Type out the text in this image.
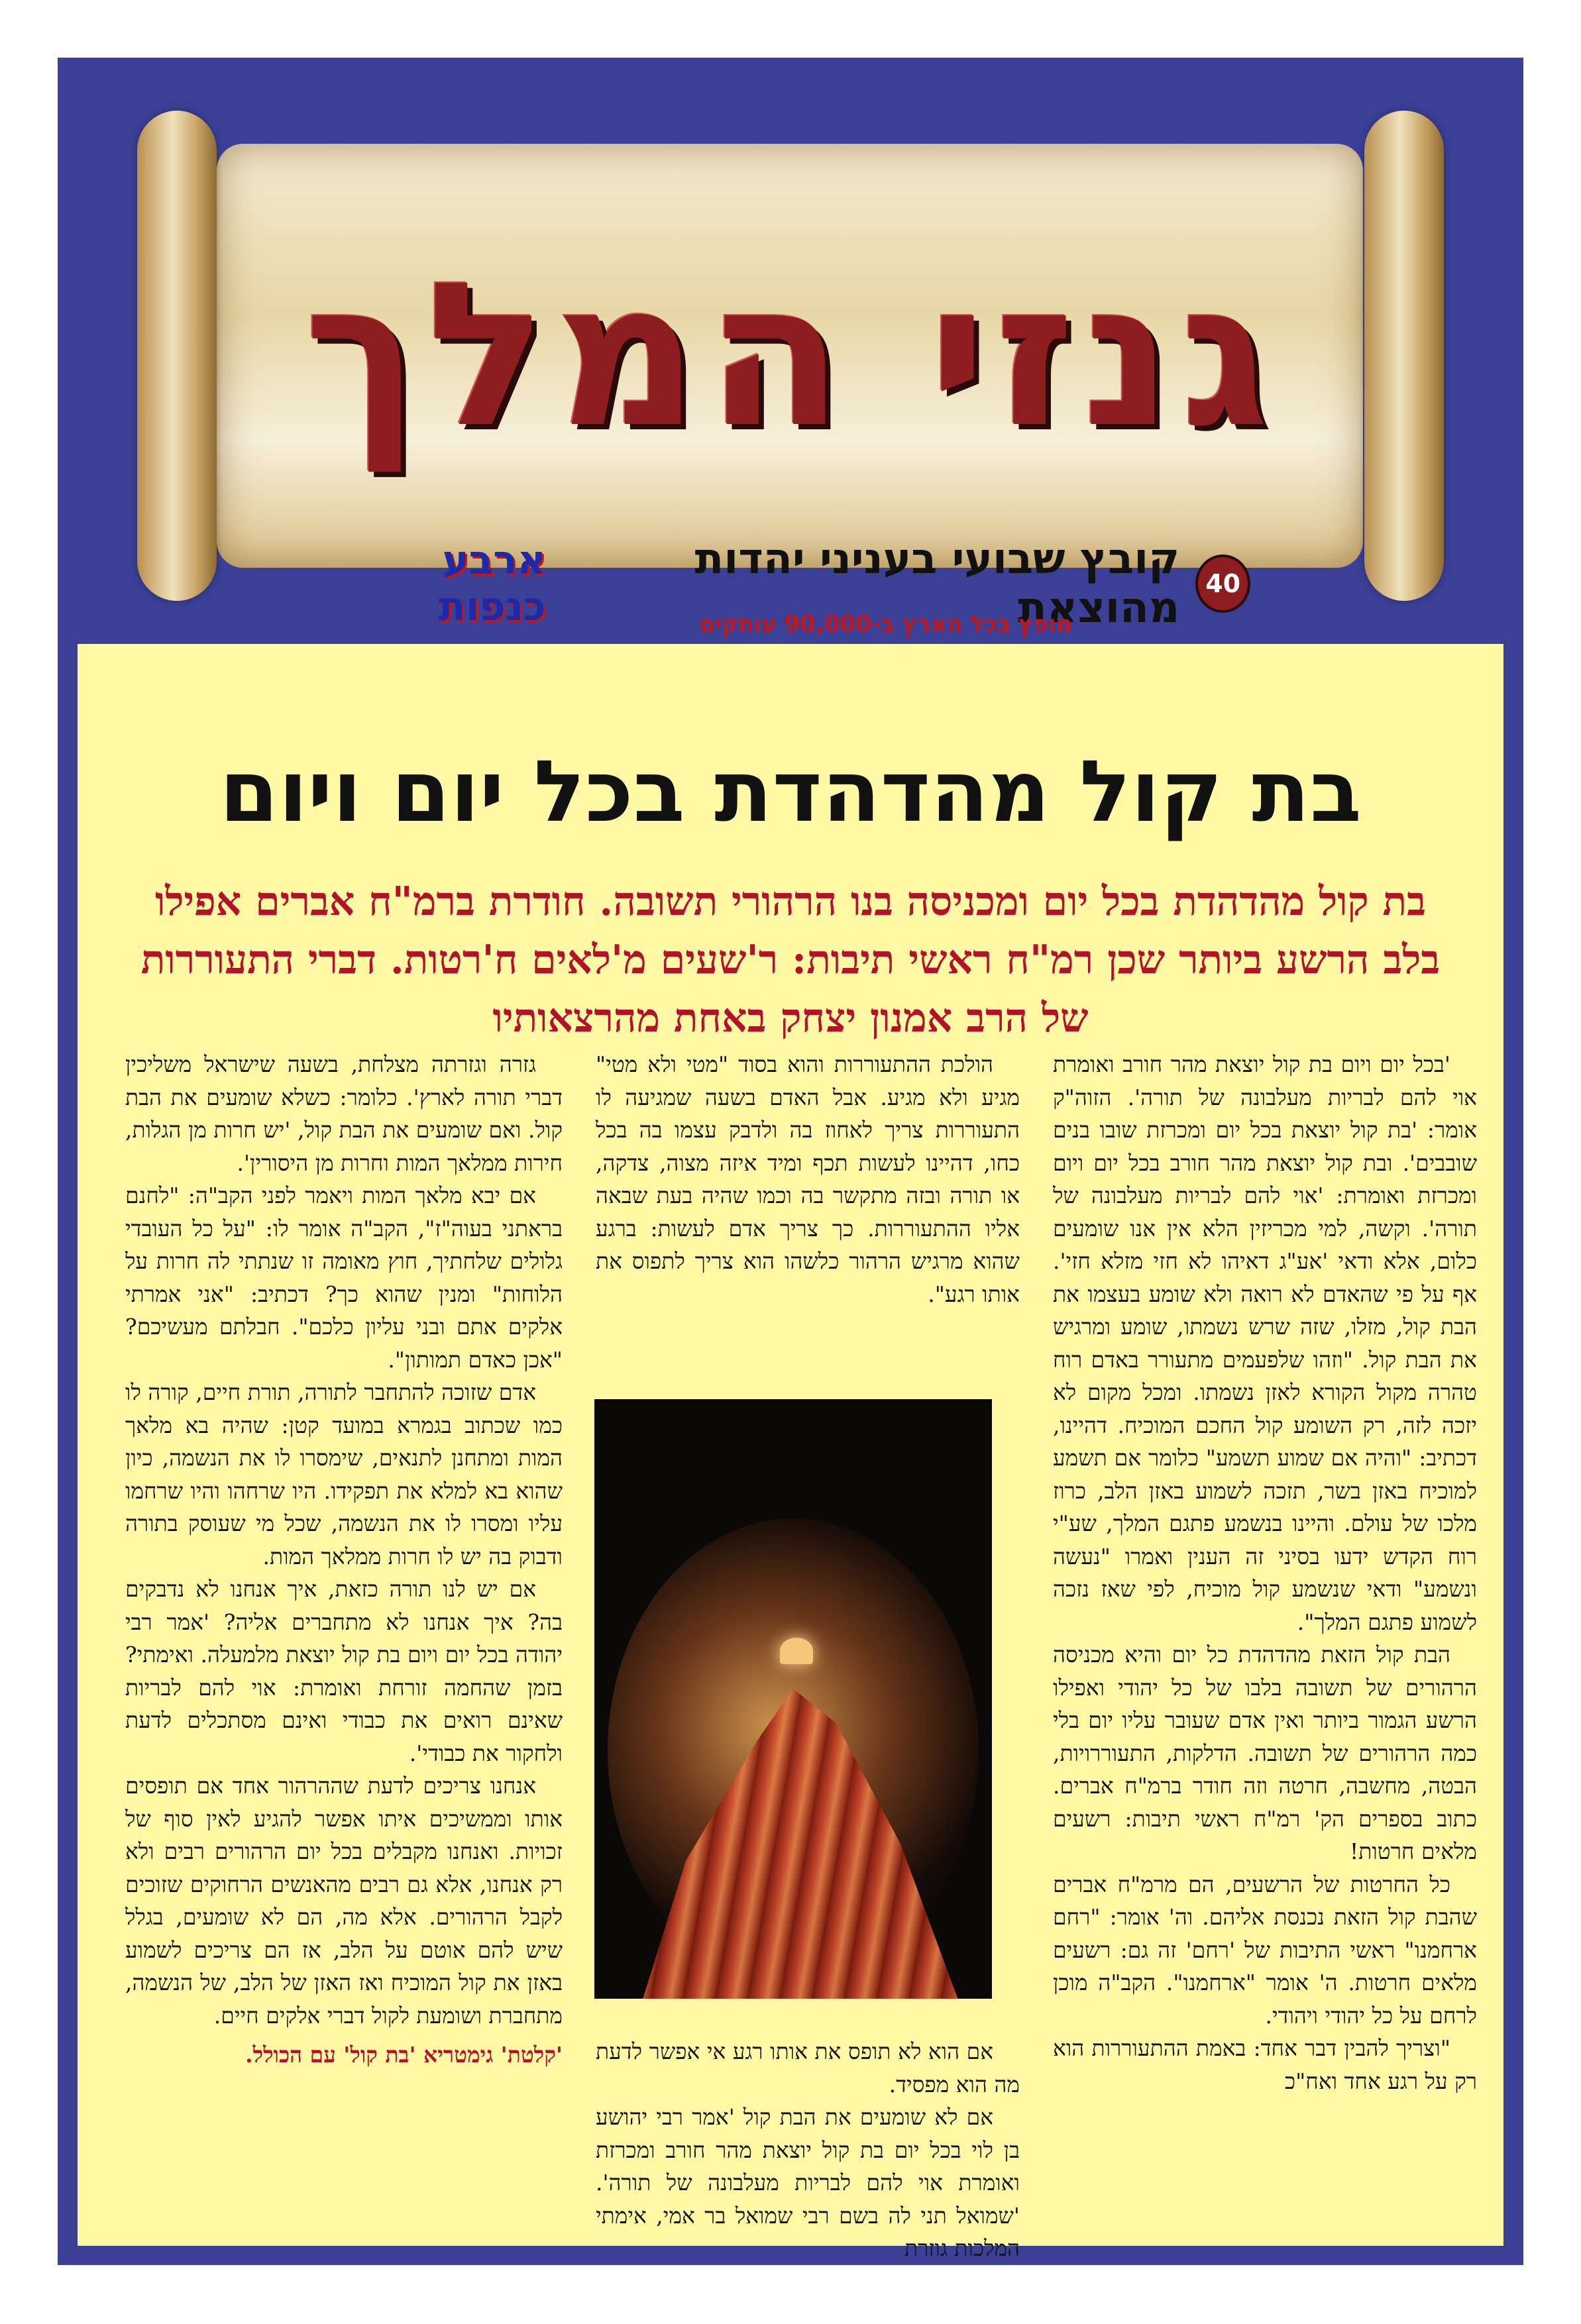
גנזי המלך
40
קובץ שבועי בעניני יהדות מהוצאת
ארבע כנפות	מופץ בכל הארץ ב-90,000 עותקים
בת קול מהדהדת בכל יום ויום
בת קול מהדהדת בכל יום ומכניסה בנו הרהורי תשובה. חודרת ברמ"ח אברים אפילו בלב הרשע ביותר שכן רמ"ח ראשי תיבות: ר'שעים מ'לאים ח'רטות. דברי התעוררות של הרב אמנון יצחק באחת מהרצאותיו

'בכל יום ויום בת קול יוצאת מהר חורב ואומרת אוי להם לבריות מעלבונה של תורה'. הזוה"ק אומר: 'בת קול יוצאת בכל יום ומכרזת שובו בנים שובבים'. ובת קול יוצאת מהר חורב בכל יום ויום ומכרזת ואומרת: 'אוי להם לבריות מעלבונה של תורה'. וקשה, למי מכריזין הלא אין אנו שומעים כלום, אלא ודאי 'אע"ג דאיהו לא חזי מזלא חזי'. אף על פי שהאדם לא רואה ולא שומע בעצמו את הבת קול, מזלו, שזה שרש נשמתו, שומע ומרגיש את הבת קול. "וזהו שלפעמים מתעורר באדם רוח טהרה מקול הקורא לאזן נשמתו. ומכל מקום לא יזכה לזה, רק השומע קול החכם המוכיח. דהיינו, דכתיב: "והיה אם שמוע תשמע" כלומר אם תשמע למוכיח באזן בשר, תזכה לשמוע באזן הלב, כרוז מלכו של עולם. והיינו בנשמע פתגם המלך, שע"י רוח הקדש ידעו בסיני זה הענין ואמרו "נעשה ונשמע" ודאי שנשמע קול מוכיח, לפי שאז נזכה לשמוע פתגם המלך".

הבת קול הזאת מהדהדת כל יום והיא מכניסה הרהורים של תשובה בלבו של כל יהודי ואפילו הרשע הגמור ביותר ואין אדם שעובר עליו יום בלי כמה הרהורים של תשובה. הדלקות, התעוררויות, הבטה, מחשבה, חרטה וזה חודר ברמ"ח אברים. כתוב בספרים הק' רמ"ח ראשי תיבות: רשעים מלאים חרטות!

כל החרטות של הרשעים, הם מרמ"ח אברים שהבת קול הזאת נכנסת אליהם. וה' אומר: "רחם ארחמנו" ראשי התיבות של 'רחם' זה גם: רשעים מלאים חרטות. ה' אומר "ארחמנו". הקב"ה מוכן לרחם על כל יהודי ויהודי.

"וצריך להבין דבר אחד: באמת ההתעוררות הוא רק על רגע אחד ואח"כ

הולכת ההתעוררות והוא בסוד "מטי ולא מטי" מגיע ולא מגיע. אבל האדם בשעה שמגיעה לו התעוררות צריך לאחוז בה ולדבק עצמו בה בכל כחו, דהיינו לעשות תכף ומיד איזה מצוה, צדקה, או תורה ובזה מתקשר בה וכמו שהיה בעת שבאה אליו ההתעוררות. כך צריך אדם לעשות: ברגע שהוא מרגיש הרהור כלשהו הוא צריך לתפוס את אותו רגע".

אם הוא לא תופס את אותו רגע אי אפשר לדעת מה הוא מפסיד.

אם לא שומעים את הבת קול 'אמר רבי יהושע בן לוי בכל יום בת קול יוצאת מהר חורב ומכרזת ואומרת אוי להם לבריות מעלבונה של תורה'. 'שמואל תני לה בשם רבי שמואל בר אמי, אימתי המלכות גוזרת

גזרה וגזרתה מצלחת, בשעה שישראל משליכין דברי תורה לארץ'. כלומר: כשלא שומעים את הבת קול. ואם שומעים את הבת קול, 'יש חרות מן הגלות, חירות ממלאך המות וחרות מן היסורין'.

אם יבא מלאך המות ויאמר לפני הקב"ה: "לחנם בראתני בעוה"ז", הקב"ה אומר לו: "על כל העובדי גלולים שלחתיך, חוץ מאומה זו שנתתי לה חרות על הלוחות" ומנין שהוא כך? דכתיב: "אני אמרתי אלקים אתם ובני עליון כלכם". חבלתם מעשיכם? "אכן כאדם תמותון".

אדם שזוכה להתחבר לתורה, תורת חיים, קורה לו כמו שכתוב בגמרא במועד קטן: שהיה בא מלאך המות ומתחנן לתנאים, שימסרו לו את הנשמה, כיון שהוא בא למלא את תפקידו. היו שרחהו והיו שרחמו עליו ומסרו לו את הנשמה, שכל מי שעוסק בתורה ודבוק בה יש לו חרות ממלאך המות.

אם יש לנו תורה כזאת, איך אנחנו לא נדבקים בה? איך אנחנו לא מתחברים אליה? 'אמר רבי יהודה בכל יום ויום בת קול יוצאת מלמעלה. ואימתי? בזמן שהחמה זורחת ואומרת: אוי להם לבריות שאינם רואים את כבודי ואינם מסתכלים לדעת ולחקור את כבודי'.

אנחנו צריכים לדעת שההרהור אחד אם תופסים אותו וממשיכים איתו אפשר להגיע לאין סוף של זכויות. ואנחנו מקבלים בכל יום הרהורים רבים ולא רק אנחנו, אלא גם רבים מהאנשים הרחוקים שזוכים לקבל הרהורים. אלא מה, הם לא שומעים, בגלל שיש להם אוטם על הלב, אז הם צריכים לשמוע באזן את קול המוכיח ואז האזן של הלב, של הנשמה, מתחברת ושומעת לקול דברי אלקים חיים.

'קלטת' גימטריא 'בת קול' עם הכולל.
